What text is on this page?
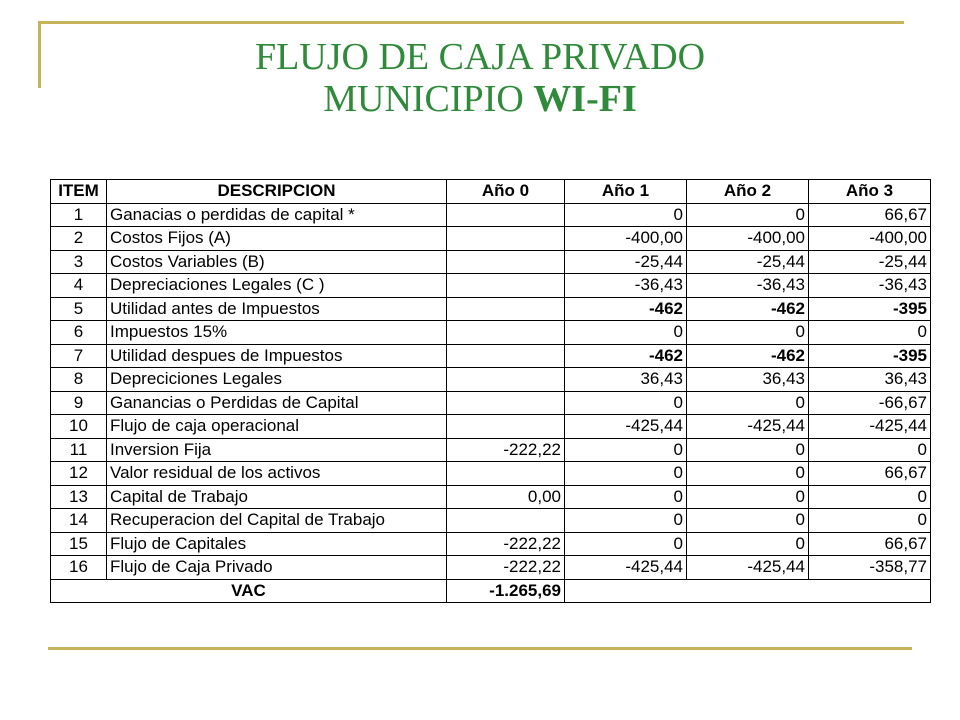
FLUJO DE CAJA PRIVADO
MUNICIPIO WI-FI
ITEM	DESCRIPCION	Año 0	Año 1	Año 2	Año 3
1	Ganacias o perdidas de capital *		0	0	66,67
2	Costos Fijos (A)		-400,00	-400,00	-400,00
3	Costos Variables (B)		-25,44	-25,44	-25,44
4	Depreciaciones Legales (C )		-36,43	-36,43	-36,43
5	Utilidad antes de Impuestos		-462	-462	-395
6	Impuestos 15%		0	0	0
7	Utilidad despues de Impuestos		-462	-462	-395
8	Depreciciones Legales		36,43	36,43	36,43
9	Ganancias o Perdidas de Capital		0	0	-66,67
10	Flujo de caja operacional		-425,44	-425,44	-425,44
11	Inversion Fija	-222,22	0	0	0
12	Valor residual de los activos		0	0	66,67
13	Capital de Trabajo	0,00	0	0	0
14	Recuperacion del Capital de Trabajo		0	0	0
15	Flujo de Capitales	-222,22	0	0	66,67
16	Flujo de Caja Privado	-222,22	-425,44	-425,44	-358,77
VAC		-1.265,69			
